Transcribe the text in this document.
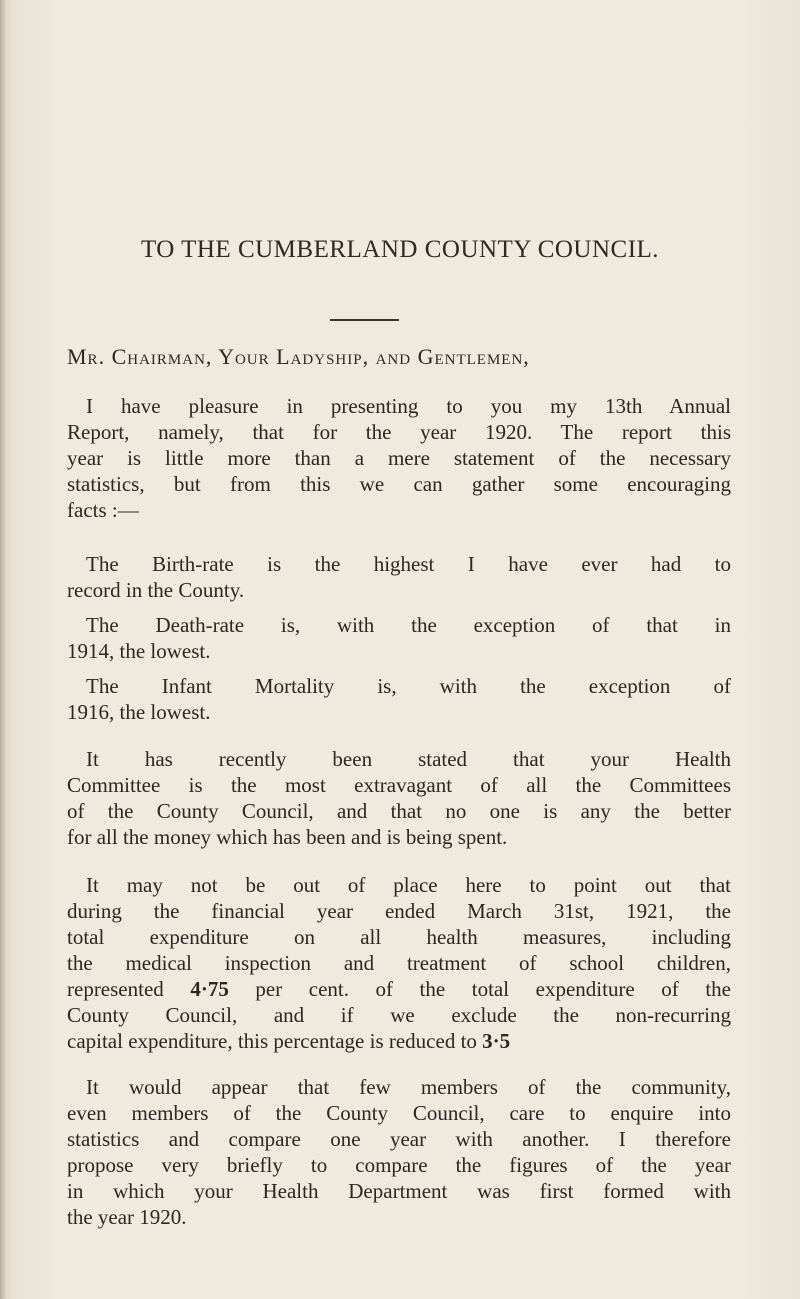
TO THE CUMBERLAND COUNTY COUNCIL.
Mr. Chairman, Your Ladyship, and Gentlemen,
I have pleasure in presenting to you my 13th Annual
Report, namely, that for the year 1920. The report this
year is little more than a mere statement of the necessary
statistics, but from this we can gather some encouraging
facts :—
The Birth-rate is the highest I have ever had to
record in the County.
The Death-rate is, with the exception of that in
1914, the lowest.
The Infant Mortality is, with the exception of
1916, the lowest.
It has recently been stated that your Health
Committee is the most extravagant of all the Committees
of the County Council, and that no one is any the better
for all the money which has been and is being spent.
It may not be out of place here to point out that
during the financial year ended March 31st, 1921, the
total expenditure on all health measures, including
the medical inspection and treatment of school children,
represented 4·75 per cent. of the total expenditure of the
County Council, and if we exclude the non-recurring
capital expenditure, this percentage is reduced to 3·5
It would appear that few members of the community,
even members of the County Council, care to enquire into
statistics and compare one year with another. I therefore
propose very briefly to compare the figures of the year
in which your Health Department was first formed with
the year 1920.
